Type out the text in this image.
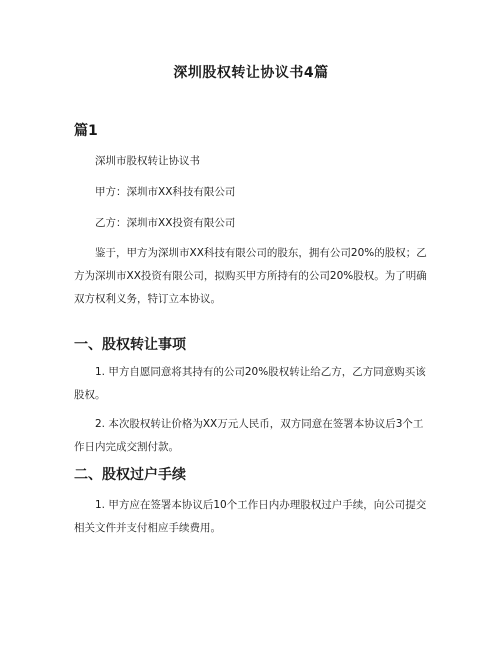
深圳股权转让协议书4篇
篇1
深圳市股权转让协议书
甲方：深圳市XX科技有限公司
乙方：深圳市XX投资有限公司

鉴于，甲方为深圳市XX科技有限公司的股东，拥有公司20%的股权；乙方为深圳市XX投资有限公司，拟购买甲方所持有的公司20%股权。为了明确双方权利义务，特订立本协议。

一、股权转让事项

1. 甲方自愿同意将其持有的公司20%股权转让给乙方，乙方同意购买该股权。

2. 本次股权转让价格为XX万元人民币，双方同意在签署本协议后3个工作日内完成交割付款。

二、股权过户手续

1. 甲方应在签署本协议后10个工作日内办理股权过户手续，向公司提交相关文件并支付相应手续费用。
